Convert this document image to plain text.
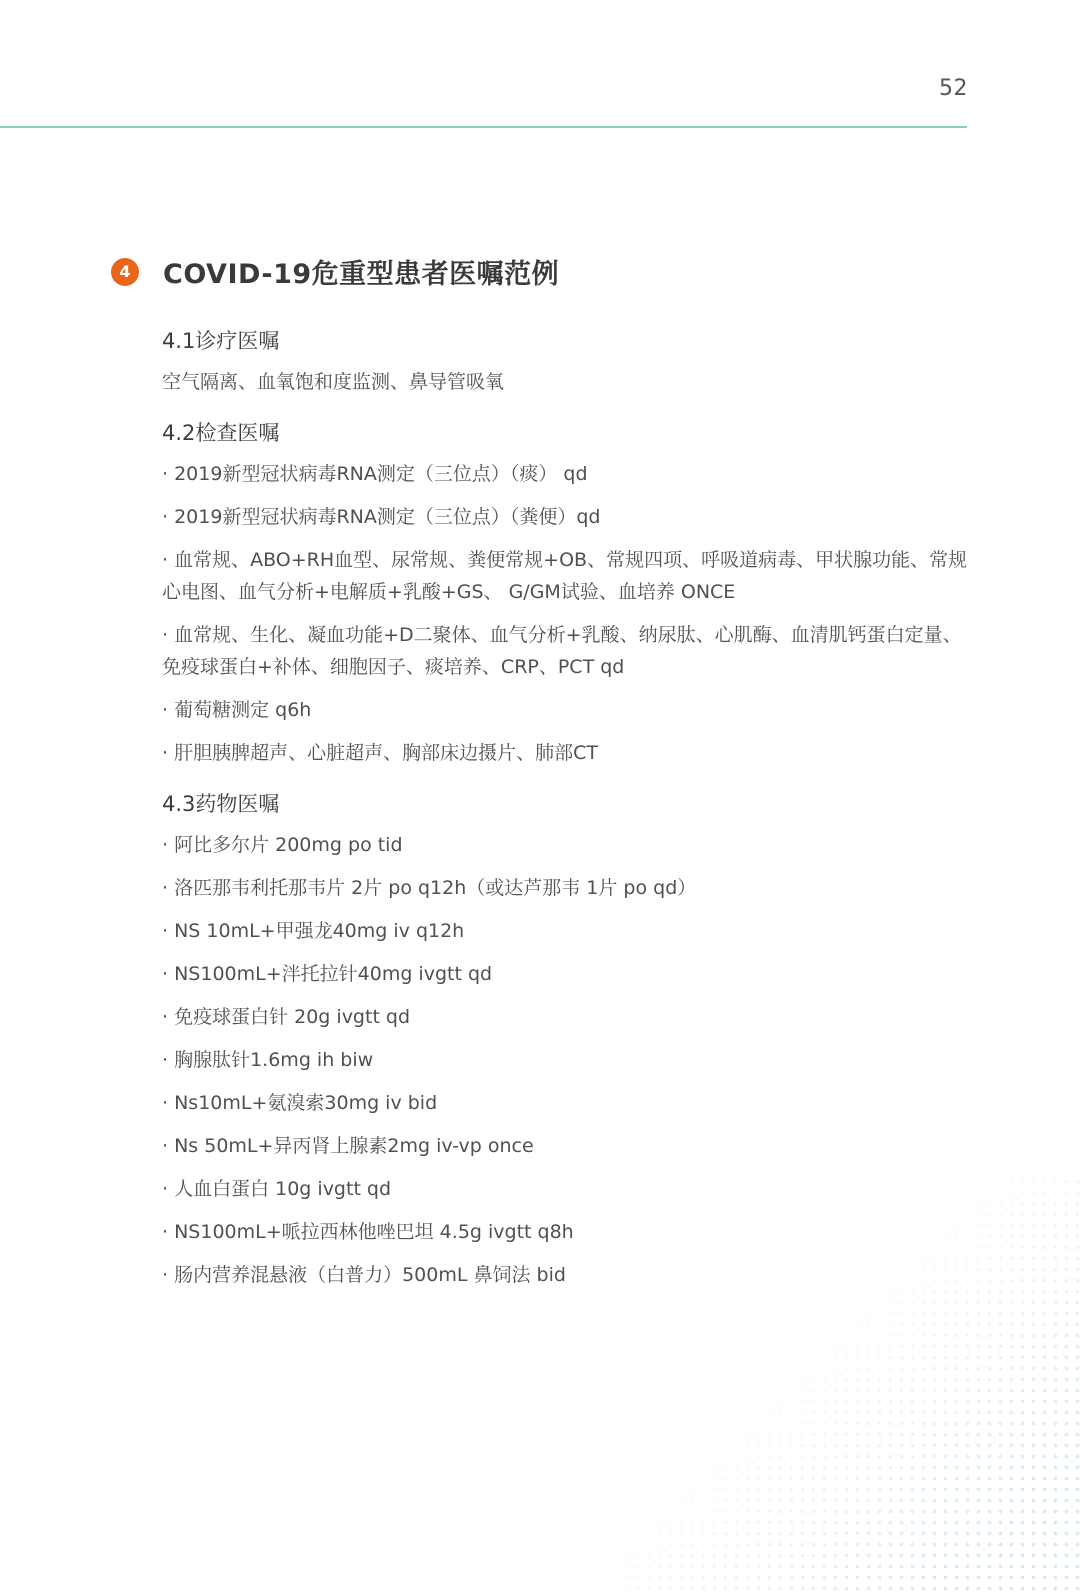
52
4	COVID-19危重型患者医嘱范例
4.1诊疗医嘱
空气隔离、血氧饱和度监测、鼻导管吸氧
4.2检查医嘱
· 2019新型冠状病毒RNA测定（三位点）（痰） qd
· 2019新型冠状病毒RNA测定（三位点）（粪便）qd
· 血常规、ABO+RH血型、尿常规、粪便常规+OB、常规四项、呼吸道病毒、甲状腺功能、常规心电图、血气分析+电解质+乳酸+GS、 G/GM试验、血培养 ONCE
· 血常规、生化、凝血功能+D二聚体、血气分析+乳酸、纳尿肽、心肌酶、血清肌钙蛋白定量、免疫球蛋白+补体、细胞因子、痰培养、CRP、PCT qd
· 葡萄糖测定 q6h
· 肝胆胰脾超声、心脏超声、胸部床边摄片、肺部CT
4.3药物医嘱
· 阿比多尔片 200mg po tid
· 洛匹那韦利托那韦片 2片 po q12h（或达芦那韦 1片 po qd）
· NS 10mL+甲强龙40mg iv q12h
· NS100mL+泮托拉针40mg ivgtt qd
· 免疫球蛋白针 20g ivgtt qd
· 胸腺肽针1.6mg ih biw
· Ns10mL+氨溴索30mg iv bid
· Ns 50mL+异丙肾上腺素2mg iv-vp once
· 人血白蛋白 10g ivgtt qd
· NS100mL+哌拉西林他唑巴坦 4.5g ivgtt q8h
· 肠内营养混悬液（白普力）500mL 鼻饲法 bid
